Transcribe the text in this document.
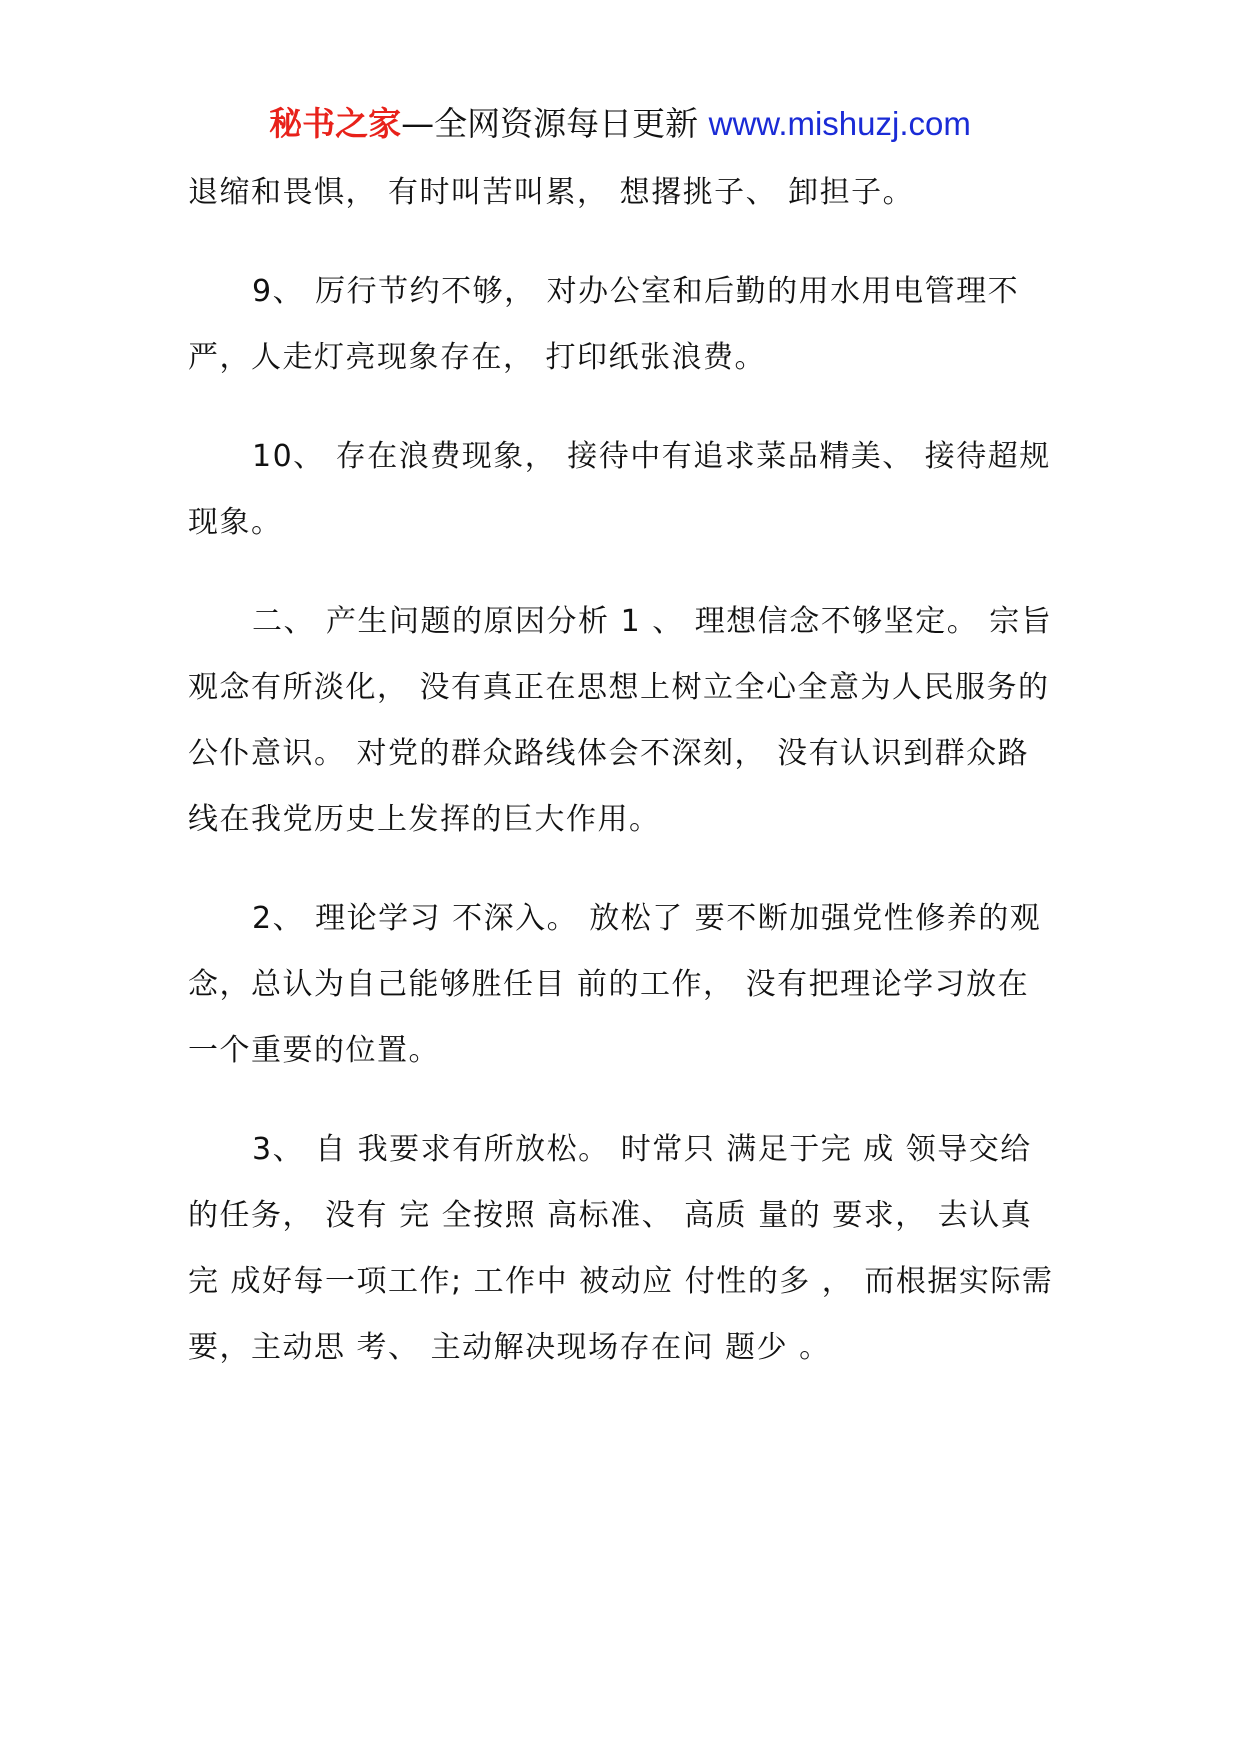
秘书之家—全网资源每日更新 www.mishuzj.com

退缩和畏惧， 有时叫苦叫累， 想撂挑子、 卸担子。

9、 厉行节约不够， 对办公室和后勤的用水用电管理不严，人走灯亮现象存在， 打印纸张浪费。

10、 存在浪费现象， 接待中有追求菜品精美、 接待超规现象。

二、 产生问题的原因分析 1 、 理想信念不够坚定。 宗旨观念有所淡化， 没有真正在思想上树立全心全意为人民服务的公仆意识。 对党的群众路线体会不深刻， 没有认识到群众路线在我党历史上发挥的巨大作用。

2、 理论学习 不深入。 放松了 要不断加强党性修养的观念，总认为自己能够胜任目 前的工作， 没有把理论学习放在一个重要的位置。

3、 自 我要求有所放松。 时常只 满足于完 成 领导交给的任务， 没有 完 全按照 高标准、 高质 量的 要求， 去认真完 成好每一项工作; 工作中 被动应 付性的多 ， 而根据实际需 要，主动思 考、 主动解决现场存在问 题少 。
